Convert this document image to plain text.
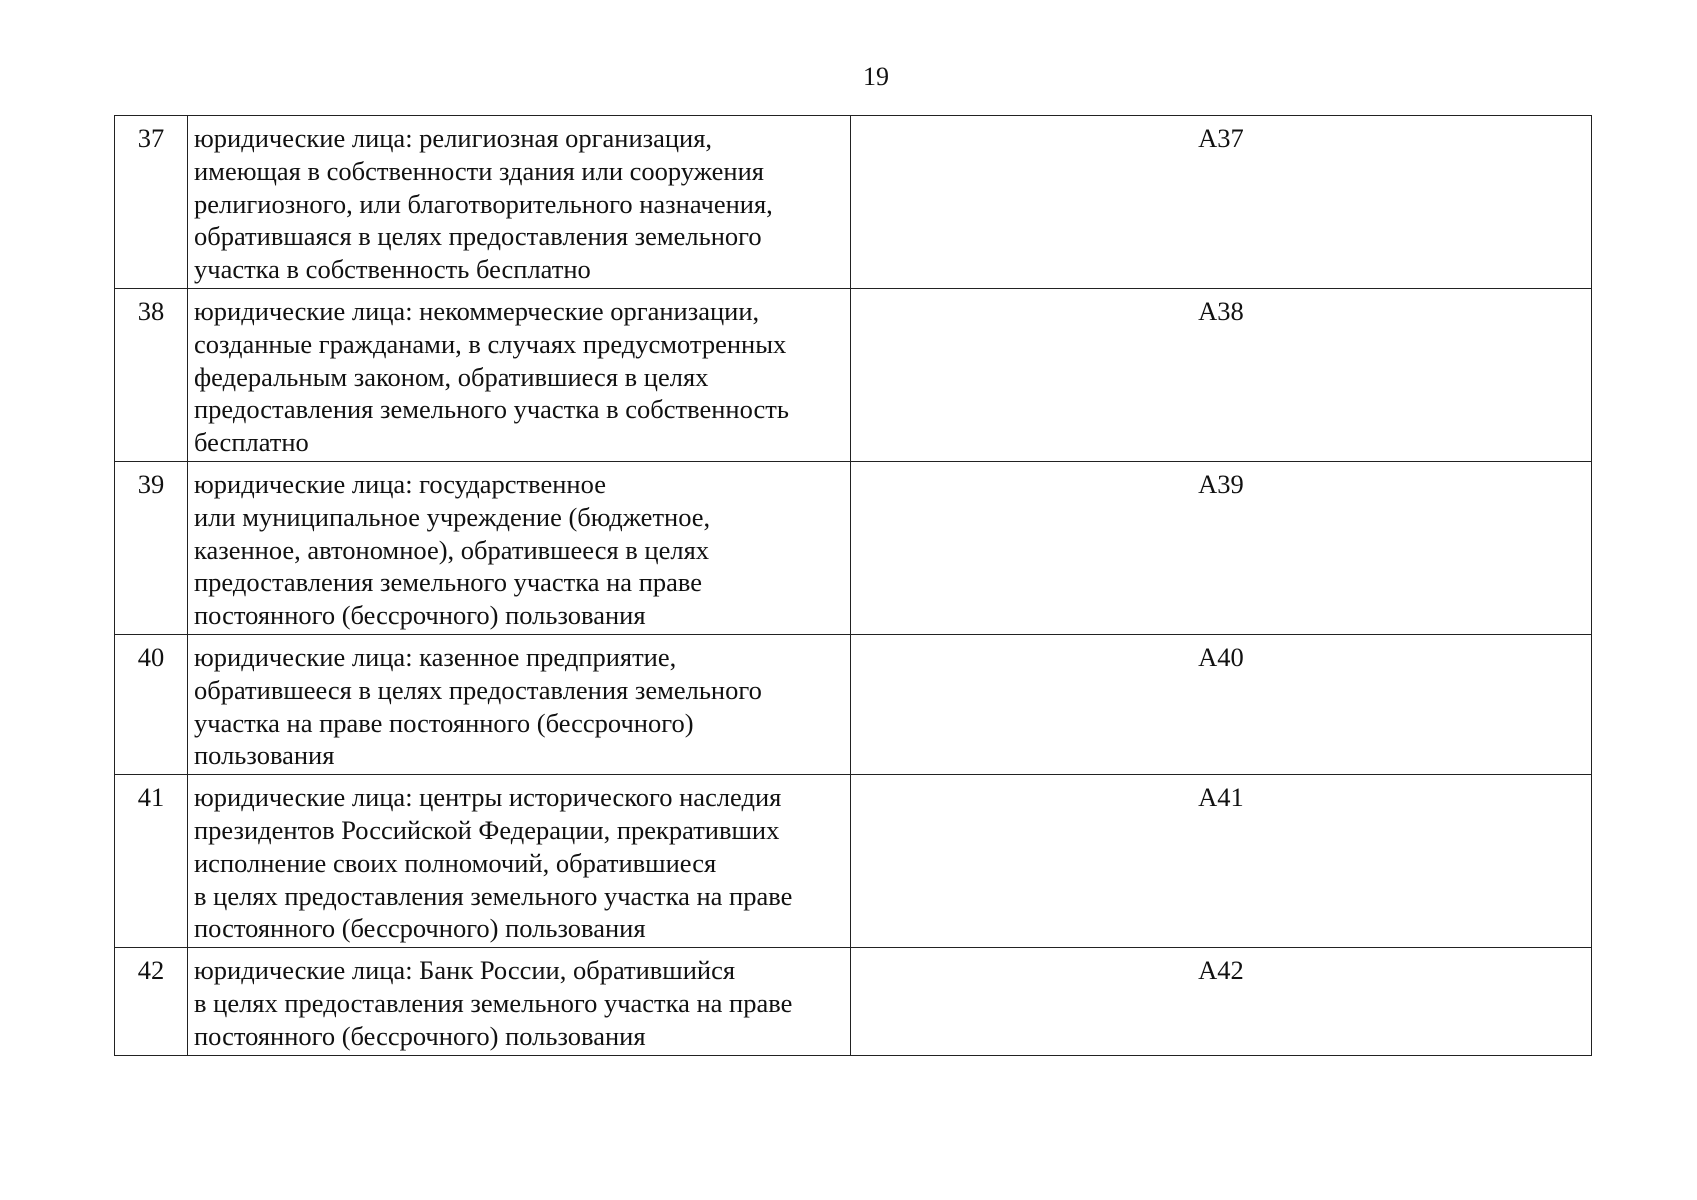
19
37	юридические лица: религиозная организация,
имеющая в собственности здания или сооружения
религиозного, или благотворительного назначения,
обратившаяся в целях предоставления земельного
участка в собственность бесплатно	А37
38	юридические лица: некоммерческие организации,
созданные гражданами, в случаях предусмотренных
федеральным законом, обратившиеся в целях
предоставления земельного участка в собственность
бесплатно	А38
39	юридические лица: государственное
или муниципальное учреждение (бюджетное,
казенное, автономное), обратившееся в целях
предоставления земельного участка на праве
постоянного (бессрочного) пользования	А39
40	юридические лица: казенное предприятие,
обратившееся в целях предоставления земельного
участка на праве постоянного (бессрочного)
пользования	А40
41	юридические лица: центры исторического наследия
президентов Российской Федерации, прекративших
исполнение своих полномочий, обратившиеся
в целях предоставления земельного участка на праве
постоянного (бессрочного) пользования	А41
42	юридические лица: Банк России, обратившийся
в целях предоставления земельного участка на праве
постоянного (бессрочного) пользования	А42
